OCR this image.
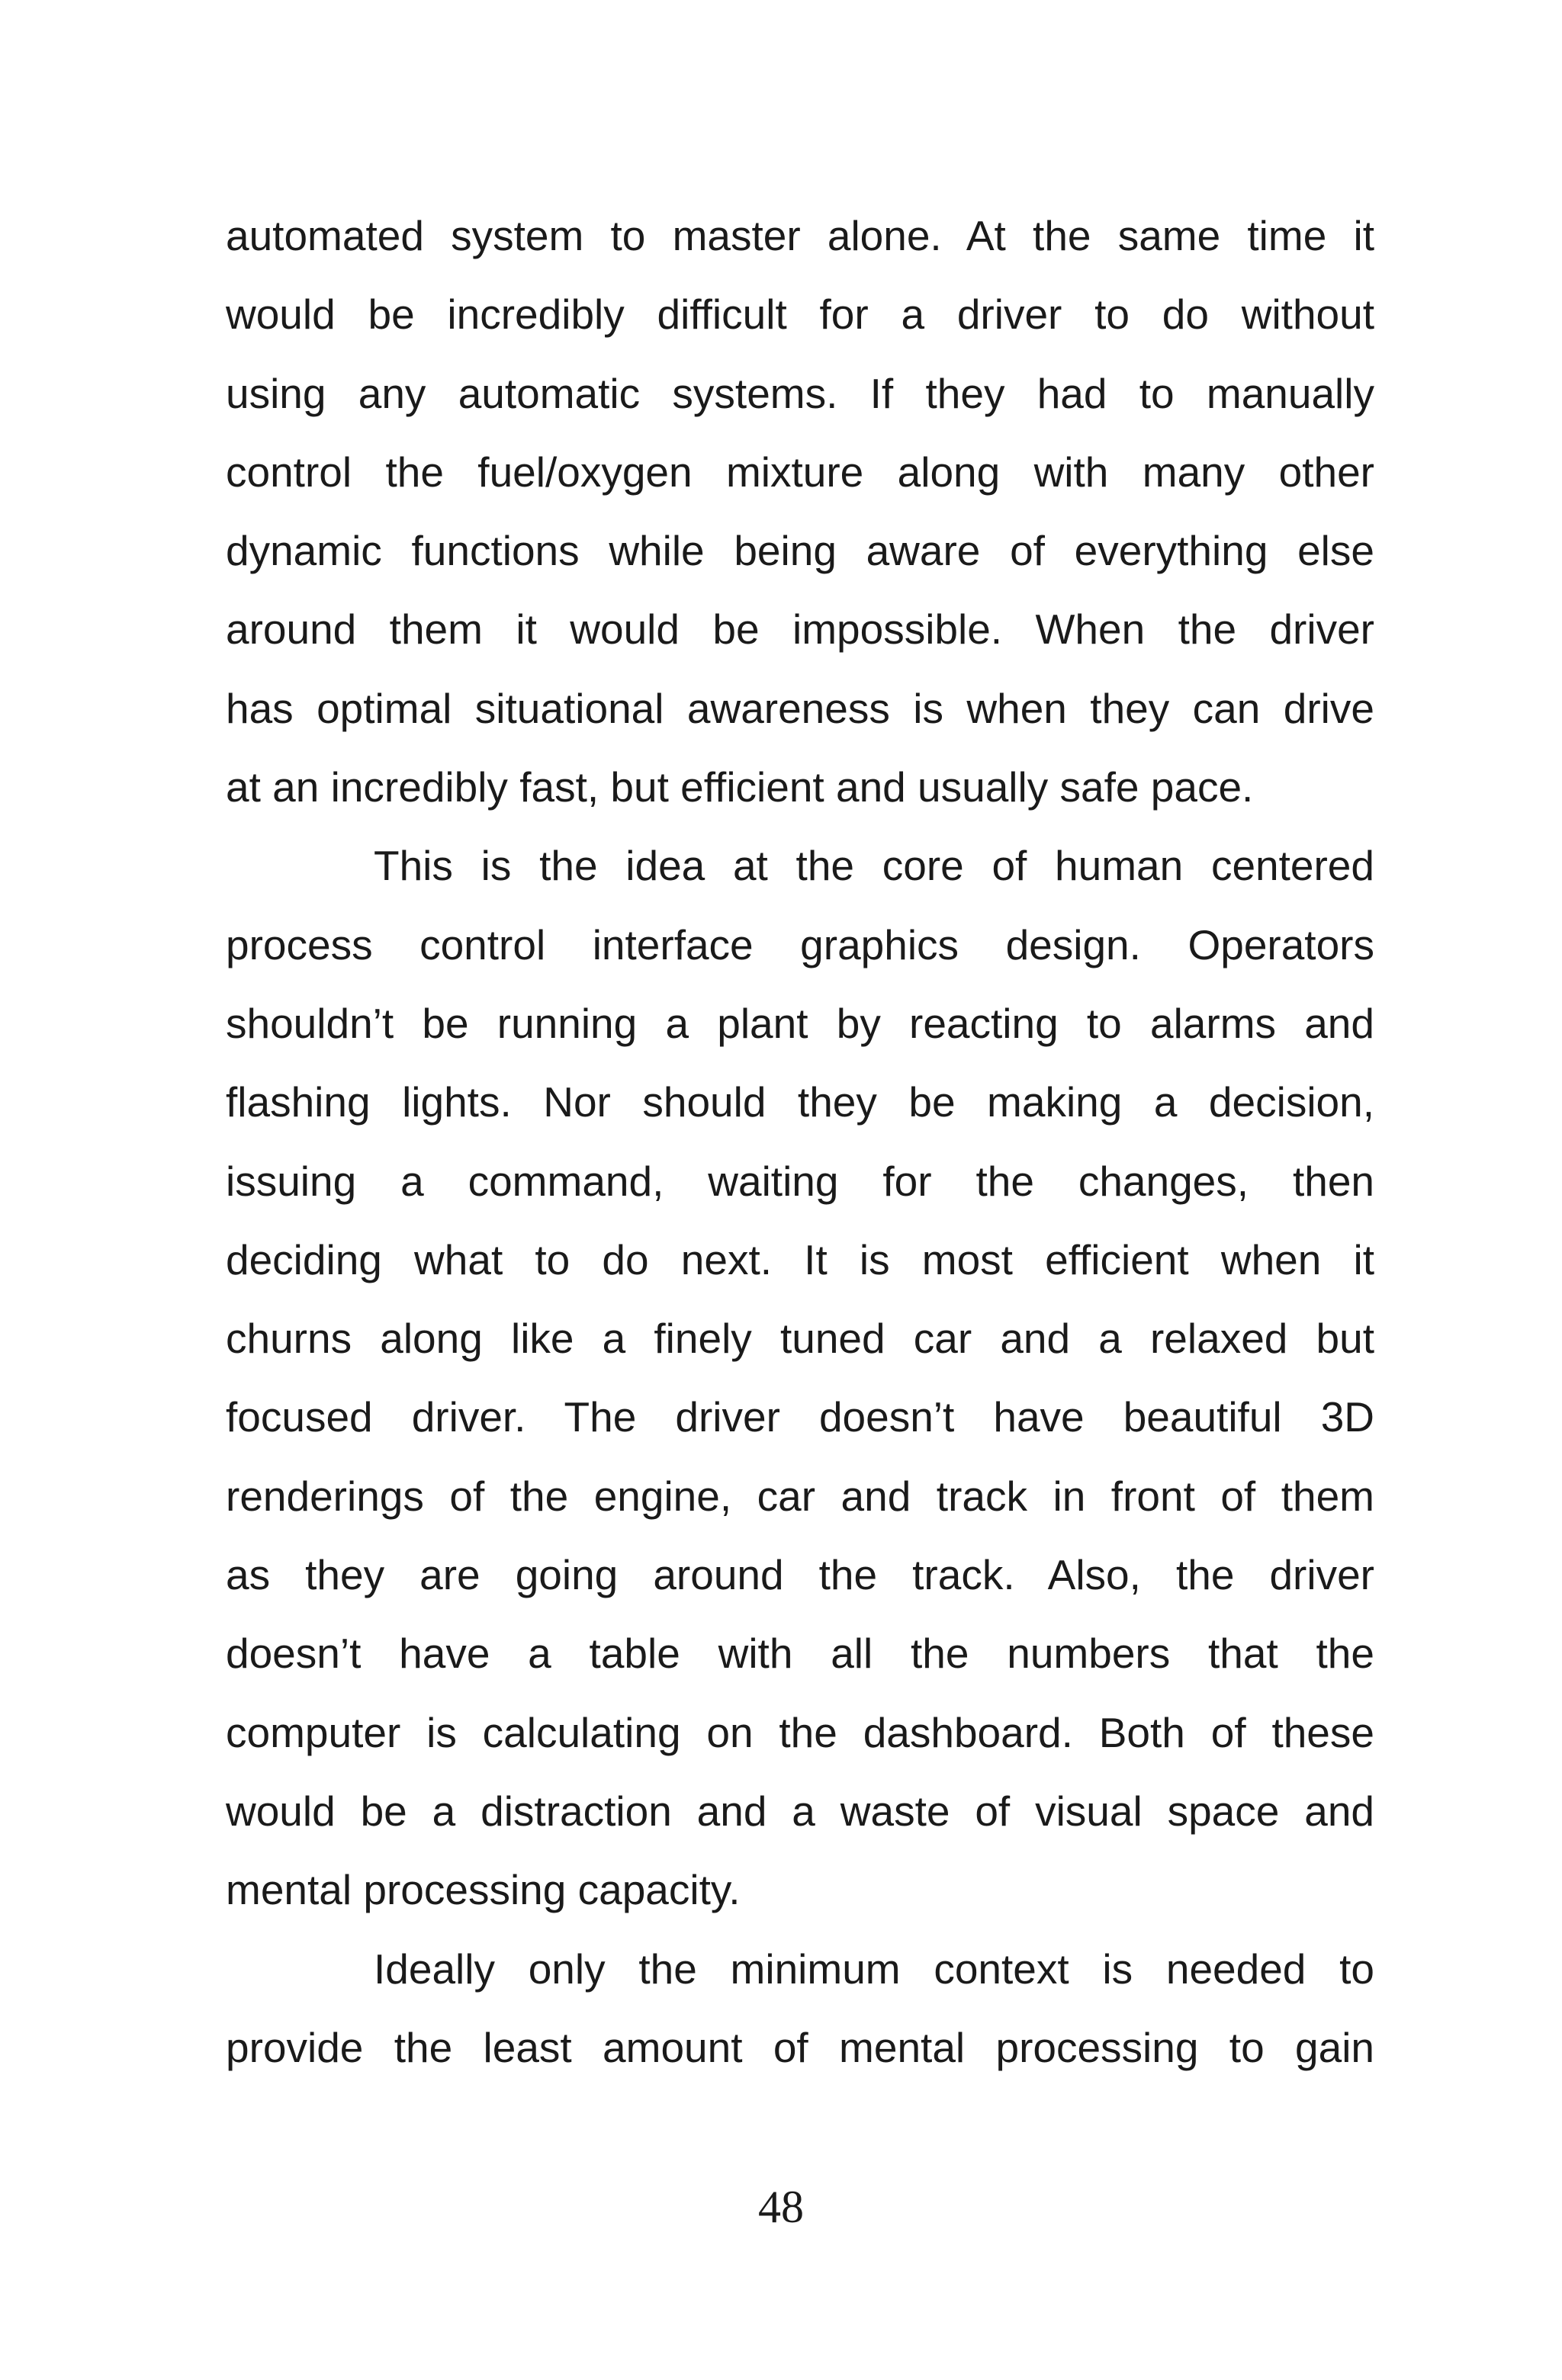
automated system to master alone. At the same time it
would be incredibly difficult for a driver to do without
using any automatic systems. If they had to manually
control the fuel/oxygen mixture along with many other
dynamic functions while being aware of everything else
around them it would be impossible. When the driver
has optimal situational awareness is when they can drive
at an incredibly fast, but efficient and usually safe pace.
This is the idea at the core of human centered
process control interface graphics design. Operators
shouldn’t be running a plant by reacting to alarms and
flashing lights. Nor should they be making a decision,
issuing a command, waiting for the changes, then
deciding what to do next. It is most efficient when it
churns along like a finely tuned car and a relaxed but
focused driver. The driver doesn’t have beautiful 3D
renderings of the engine, car and track in front of them
as they are going around the track. Also, the driver
doesn’t have a table with all the numbers that the
computer is calculating on the dashboard. Both of these
would be a distraction and a waste of visual space and
mental processing capacity.
Ideally only the minimum context is needed to
provide the least amount of mental processing to gain
48
